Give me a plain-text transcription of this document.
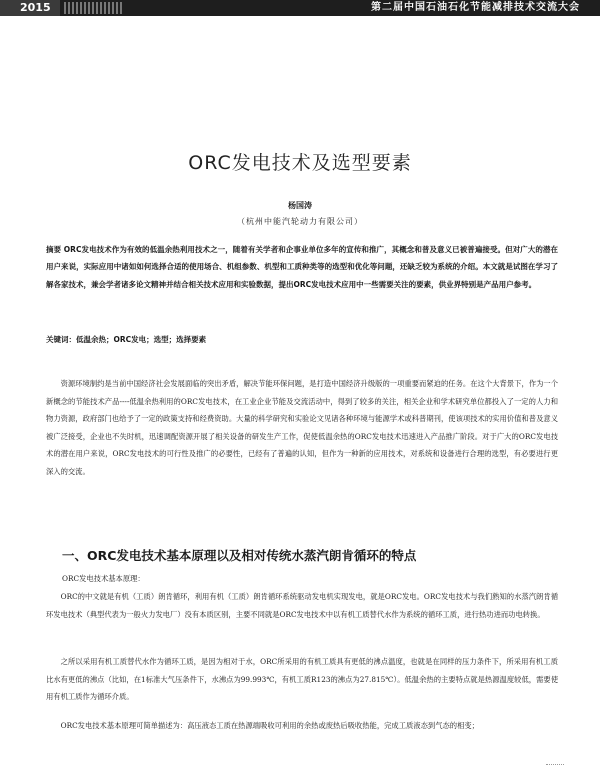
2015	第二届中国石油石化节能减排技术交流大会
ORC发电技术及选型要素
杨国涛
（杭州中能汽轮动力有限公司）

摘要 ORC发电技术作为有效的低温余热利用技术之一，随着有关学者和企事业单位多年的宣传和推广，其概念和普及意义已被普遍接受。但对广大的潜在用户来说，实际应用中诸如如何选择合适的使用场合、机组参数、机型和工质种类等的选型和优化等问题，还缺乏较为系统的介绍。本文就是试图在学习了解各家技术，兼会学者诸多论文精神并结合相关技术应用和实验数据，提出ORC发电技术应用中一些需要关注的要素，供业界特别是产品用户参考。

关键词：低温余热；ORC发电；选型；选择要素

资源环境制约是当前中国经济社会发展面临的突出矛盾，解决节能环保问题，是打造中国经济升级版的一项重要而紧迫的任务。在这个大背景下，作为一个新概念的节能技术产品----低温余热利用的ORC发电技术，在工业企业节能及交流活动中，得到了较多的关注，相关企业和学术研究单位都投入了一定的人力和物力资源，政府部门也给予了一定的政策支持和经费资助。大量的科学研究和实验论文见诸各种环境与能源学术或科普期刊，使该项技术的实用价值和普及意义被广泛接受，企业也不失时机，迅速调配资源开展了相关设备的研发生产工作，促使低温余热的ORC发电技术迅速进入产品推广阶段。对于广大的ORC发电技术的潜在用户来说，ORC发电技术的可行性及推广的必要性，已经有了普遍的认知，但作为一种新的应用技术，对系统和设备进行合理的选型，有必要进行更深入的交流。

一、ORC发电技术基本原理以及相对传统水蒸汽朗肯循环的特点

ORC发电技术基本原理：

ORC的中文就是有机（工质）朗肯循环，利用有机（工质）朗肯循环系统驱动发电机实现发电，就是ORC发电。ORC发电技术与我们熟知的水蒸汽朗肯循环发电技术（典型代表为一般火力发电厂）没有本质区别，主要不同就是ORC发电技术中以有机工质替代水作为系统的循环工质，进行热功进而功电转换。

之所以采用有机工质替代水作为循环工质，是因为相对于水，ORC所采用的有机工质具有更低的沸点温度，也就是在同样的压力条件下，所采用有机工质比水有更低的沸点（比如，在1标准大气压条件下，水沸点为99.993℃，有机工质R123的沸点为27.815℃）。低温余热的主要特点就是热源温度较低，需要使用有机工质作为循环介质。

ORC发电技术基本原理可简单描述为：高压液态工质在热源端吸收可利用的余热或废热后吸收热能，完成工质液态到气态的相变；
